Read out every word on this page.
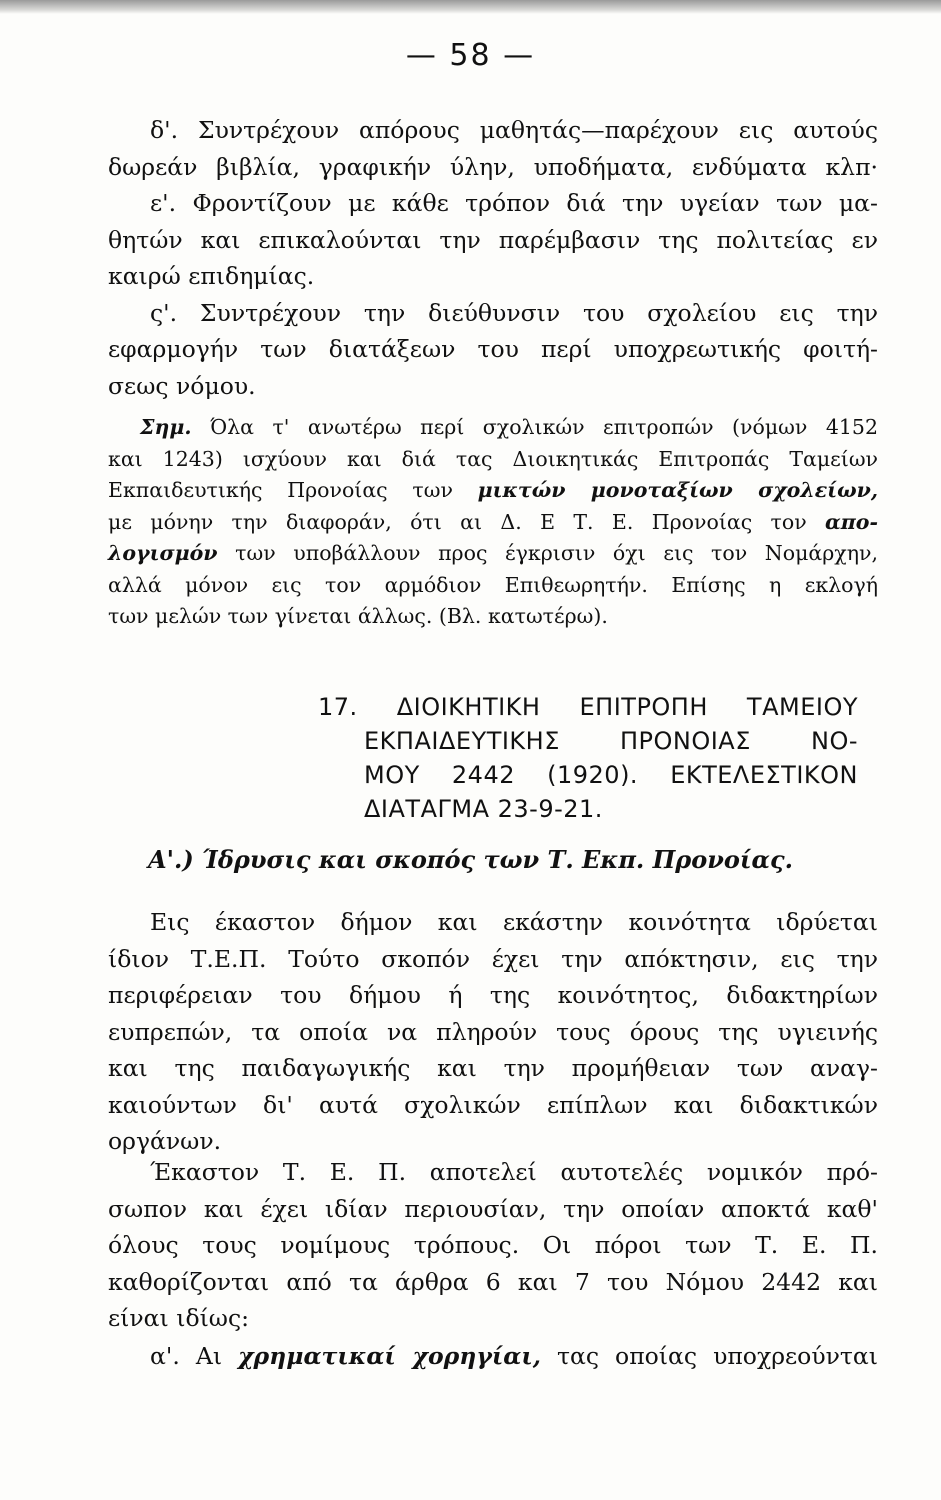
— 58 —
δ'. Συντρέχουν απόρους μαθητάς—παρέχουν εις αυτούς
δωρεάν βιβλία, γραφικήν ύλην, υποδήματα, ενδύματα κλπ·
ε'. Φροντίζουν με κάθε τρόπον διά την υγείαν των μα-
θητών και επικαλούνται την παρέμβασιν της πολιτείας εν
καιρώ επιδημίας.
ς'. Συντρέχουν την διεύθυνσιν του σχολείου εις την
εφαρμογήν των διατάξεων του περί υποχρεωτικής φοιτή-
σεως νόμου.
Σημ. Όλα τ' ανωτέρω περί σχολικών επιτροπών (νόμων 4152
και 1243) ισχύουν και διά τας Διοικητικάς Επιτροπάς Ταμείων
Εκπαιδευτικής Προνοίας των μικτών μονοταξίων σχολείων,
με μόνην την διαφοράν, ότι αι Δ. Ε Τ. Ε. Προνοίας τον απο-
λογισμόν των υποβάλλουν προς έγκρισιν όχι εις τον Νομάρχην,
αλλά μόνον εις τον αρμόδιον Επιθεωρητήν. Επίσης η εκλογή
των μελών των γίνεται άλλως. (Βλ. κατωτέρω).
17. ΔΙΟΙΚΗΤΙΚΗ ΕΠΙΤΡΟΠΗ ΤΑΜΕΙΟΥ
ΕΚΠΑΙΔΕΥΤΙΚΗΣ ΠΡΟΝΟΙΑΣ ΝΟ-
ΜΟΥ 2442 (1920). ΕΚΤΕΛΕΣΤΙΚΟΝ
ΔΙΑΤΑΓΜΑ 23-9-21.
Α'.) Ίδρυσις και σκοπός των Τ. Εκπ. Προνοίας.
Εις έκαστον δήμον και εκάστην κοινότητα ιδρύεται
ίδιον Τ.Ε.Π. Τούτο σκοπόν έχει την απόκτησιν, εις την
περιφέρειαν του δήμου ή της κοινότητος, διδακτηρίων
ευπρεπών, τα οποία να πληρούν τους όρους της υγιεινής
και της παιδαγωγικής και την προμήθειαν των αναγ-
καιούντων δι' αυτά σχολικών επίπλων και διδακτικών
οργάνων.
Έκαστον Τ. Ε. Π. αποτελεί αυτοτελές νομικόν πρό-
σωπον και έχει ιδίαν περιουσίαν, την οποίαν αποκτά καθ'
όλους τους νομίμους τρόπους. Οι πόροι των Τ. Ε. Π.
καθορίζονται από τα άρθρα 6 και 7 του Νόμου 2442 και
είναι ιδίως:
α'. Αι χρηματικαί χορηγίαι, τας οποίας υποχρεούνται
